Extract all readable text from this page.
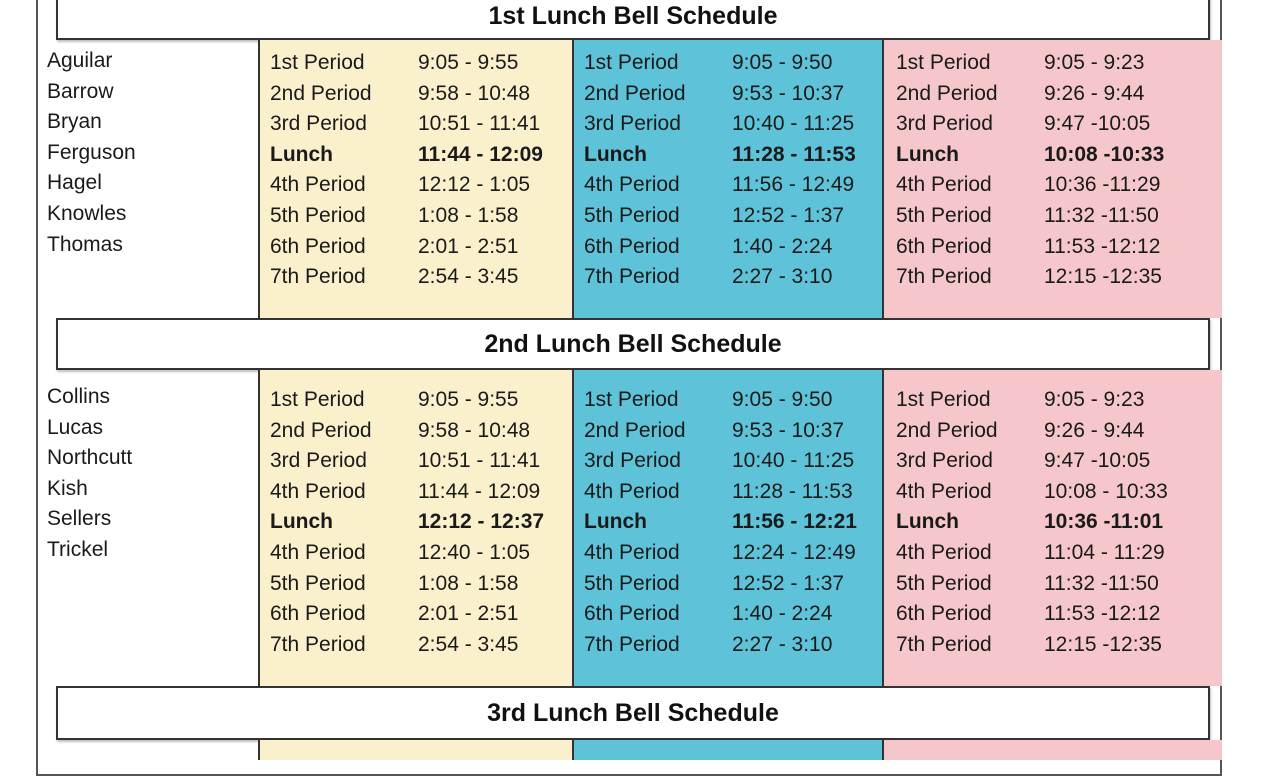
1st Lunch Bell Schedule
2nd Lunch Bell Schedule
3rd Lunch Bell Schedule
Aguilar
Barrow
Bryan
Ferguson
Hagel
Knowles
Thomas
1st Period	9:05 - 9:55
2nd Period 9:58 - 10:48
3rd Period 10:51 - 11:41
Lunch	11:44 - 12:09
4th Period 12:12 - 1:05
5th Period 1:08 - 1:58
6th Period 2:01 - 2:51
7th Period 2:54 - 3:45
1st Period	9:05 - 9:50
2nd Period 9:53 - 10:37
3rd Period 10:40 - 11:25
Lunch	11:28 - 11:53
4th Period 11:56 - 12:49
5th Period 12:52 - 1:37
6th Period 1:40 - 2:24
7th Period 2:27 - 3:10
1st Period	9:05 - 9:23
2nd Period 9:26 - 9:44
3rd Period 9:47 -10:05
Lunch	10:08 -10:33
4th Period 10:36 -11:29
5th Period 11:32 -11:50
6th Period 11:53 -12:12
7th Period 12:15 -12:35
Collins
Lucas
Northcutt
Kish
Sellers
Trickel
1st Period	9:05 - 9:55
2nd Period 9:58 - 10:48
3rd Period 10:51 - 11:41
4th Period 11:44 - 12:09
Lunch	12:12 - 12:37
4th Period 12:40 - 1:05
5th Period 1:08 - 1:58
6th Period 2:01 - 2:51
7th Period 2:54 - 3:45
1st Period	9:05 - 9:50
2nd Period 9:53 - 10:37
3rd Period 10:40 - 11:25
4th Period 11:28 - 11:53
Lunch	11:56 - 12:21
4th Period 12:24 - 12:49
5th Period 12:52 - 1:37
6th Period 1:40 - 2:24
7th Period 2:27 - 3:10
1st Period	9:05 - 9:23
2nd Period 9:26 - 9:44
3rd Period 9:47 -10:05
4th Period 10:08 - 10:33
Lunch	10:36 -11:01
4th Period 11:04 - 11:29
5th Period 11:32 -11:50
6th Period 11:53 -12:12
7th Period 12:15 -12:35
